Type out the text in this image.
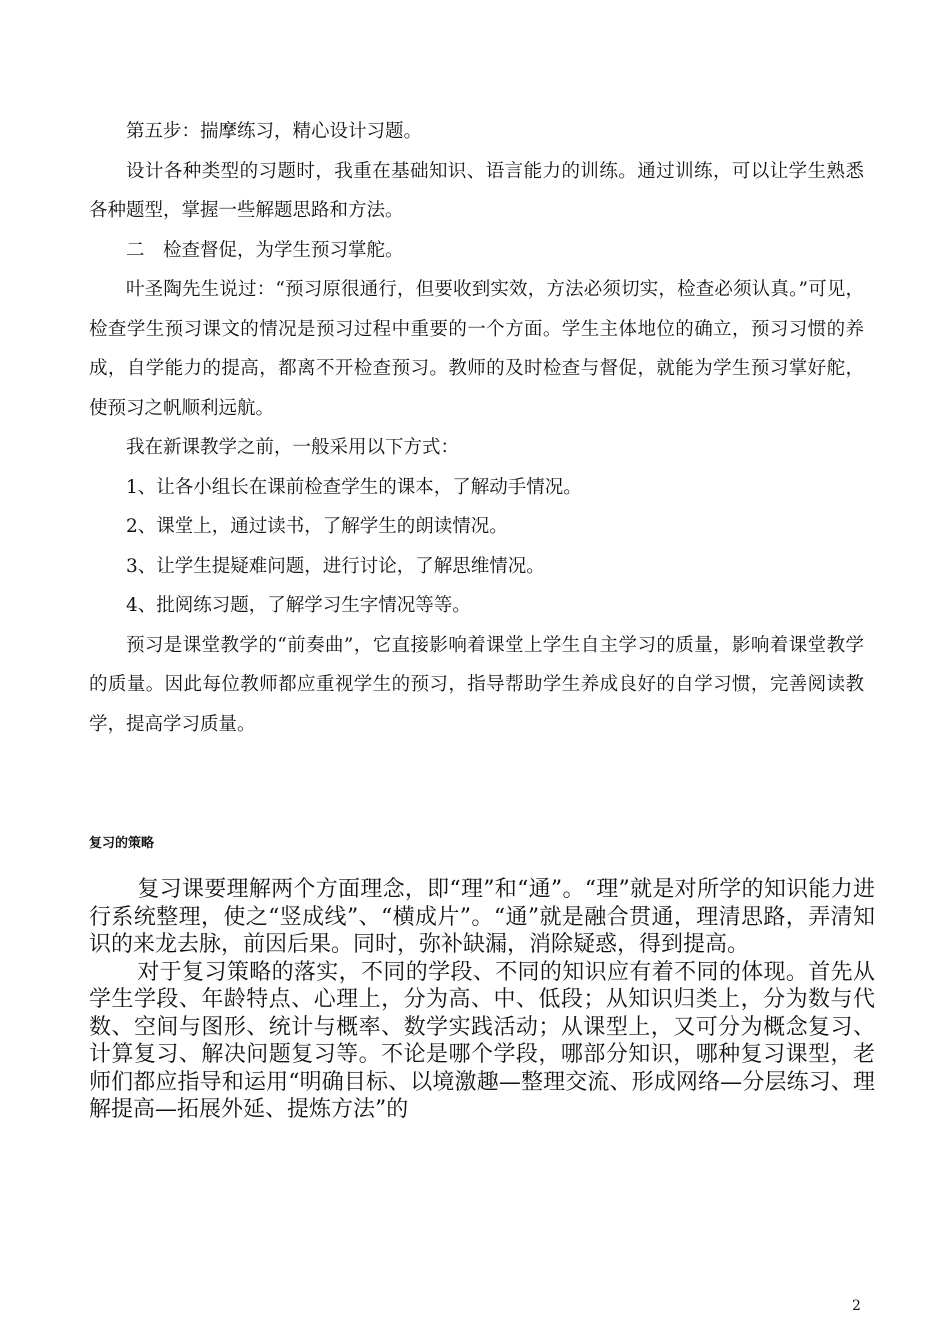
第五步：揣摩练习，精心设计习题。

设计各种类型的习题时，我重在基础知识、语言能力的训练。通过训练，可以让学生熟悉各种题型，掌握一些解题思路和方法。

二　检查督促，为学生预习掌舵。

叶圣陶先生说过：“预习原很通行，但要收到实效，方法必须切实，检查必须认真。”可见，检查学生预习课文的情况是预习过程中重要的一个方面。学生主体地位的确立，预习习惯的养成，自学能力的提高，都离不开检查预习。教师的及时检查与督促，就能为学生预习掌好舵，使预习之帆顺利远航。

我在新课教学之前，一般采用以下方式：

1、让各小组长在课前检查学生的课本，了解动手情况。

2、课堂上，通过读书，了解学生的朗读情况。

3、让学生提疑难问题，进行讨论，了解思维情况。

4、批阅练习题，了解学习生字情况等等。

预习是课堂教学的“前奏曲”，它直接影响着课堂上学生自主学习的质量，影响着课堂教学的质量。因此每位教师都应重视学生的预习，指导帮助学生养成良好的自学习惯，完善阅读教学，提高学习质量。

复习的策略

复习课要理解两个方面理念，即“理”和“通”。“理”就是对所学的知识能力进行系统整理，使之“竖成线”、“横成片”。“通”就是融合贯通，理清思路，弄清知识的来龙去脉，前因后果。同时，弥补缺漏，消除疑惑，得到提高。

对于复习策略的落实，不同的学段、不同的知识应有着不同的体现。首先从学生学段、年龄特点、心理上，分为高、中、低段；从知识归类上，分为数与代数、空间与图形、统计与概率、数学实践活动；从课型上，又可分为概念复习、计算复习、解决问题复习等。不论是哪个学段，哪部分知识，哪种复习课型，老师们都应指导和运用“明确目标、以境激趣—整理交流、形成网络—分层练习、理解提高—拓展外延、提炼方法”的

2
